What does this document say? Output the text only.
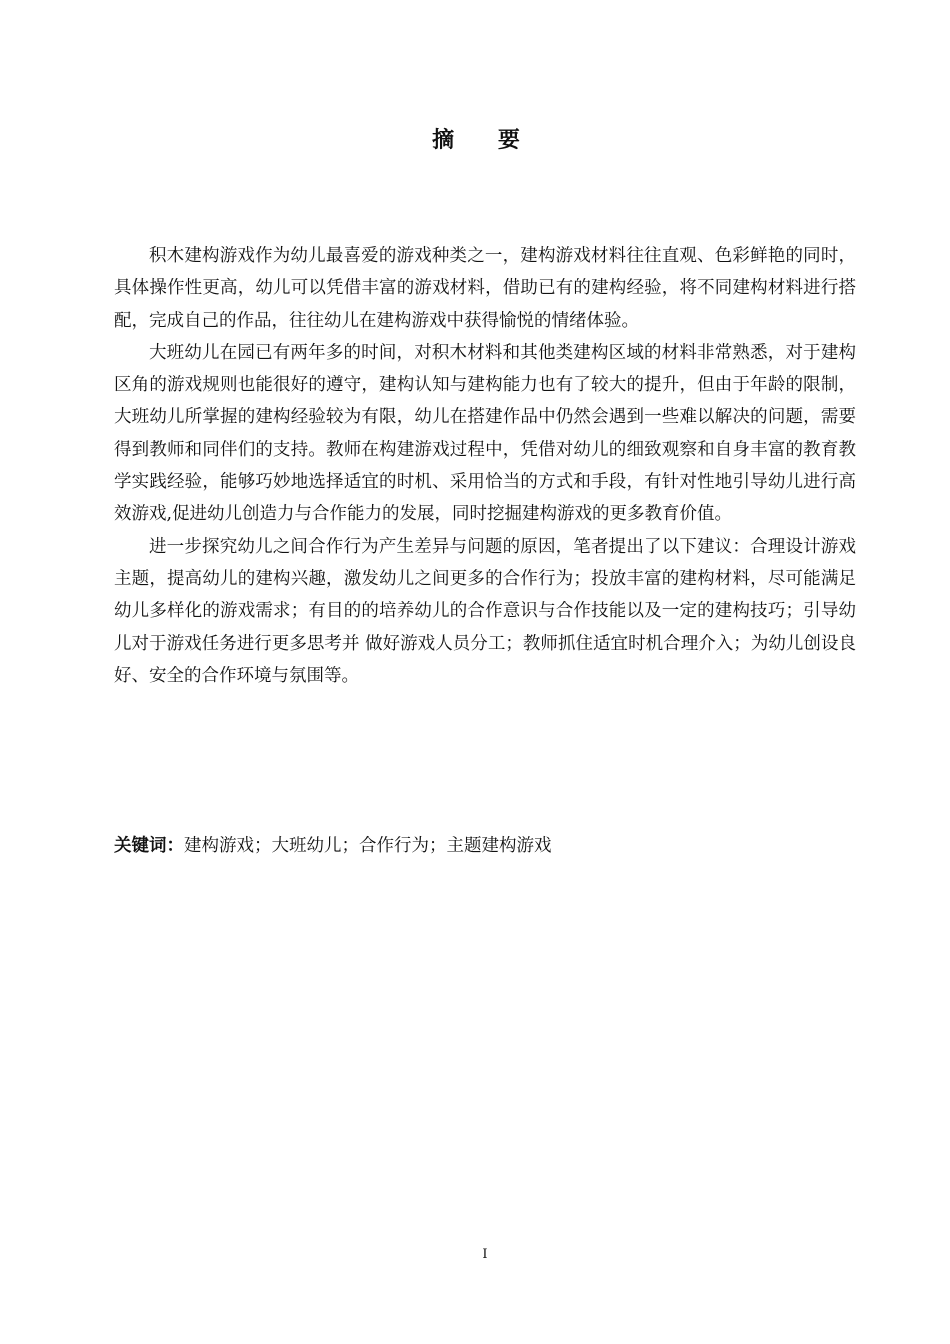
摘 要

积木建构游戏作为幼儿最喜爱的游戏种类之一，建构游戏材料往往直观、色彩鲜艳的同时，具体操作性更高，幼儿可以凭借丰富的游戏材料，借助已有的建构经验，将不同建构材料进行搭配，完成自己的作品，往往幼儿在建构游戏中获得愉悦的情绪体验。

大班幼儿在园已有两年多的时间，对积木材料和其他类建构区域的材料非常熟悉，对于建构区角的游戏规则也能很好的遵守，建构认知与建构能力也有了较大的提升，但由于年龄的限制，大班幼儿所掌握的建构经验较为有限，幼儿在搭建作品中仍然会遇到一些难以解决的问题，需要得到教师和同伴们的支持。教师在构建游戏过程中，凭借对幼儿的细致观察和自身丰富的教育教学实践经验，能够巧妙地选择适宜的时机、采用恰当的方式和手段，有针对性地引导幼儿进行高效游戏,促进幼儿创造力与合作能力的发展，同时挖掘建构游戏的更多教育价值。

进一步探究幼儿之间合作行为产生差异与问题的原因，笔者提出了以下建议：合理设计游戏主题，提高幼儿的建构兴趣，激发幼儿之间更多的合作行为；投放丰富的建构材料，尽可能满足幼儿多样化的游戏需求；有目的的培养幼儿的合作意识与合作技能以及一定的建构技巧；引导幼儿对于游戏任务进行更多思考并 做好游戏人员分工；教师抓住适宜时机合理介入；为幼儿创设良好、安全的合作环境与氛围等。

关键词：建构游戏；大班幼儿；合作行为；主题建构游戏
I
